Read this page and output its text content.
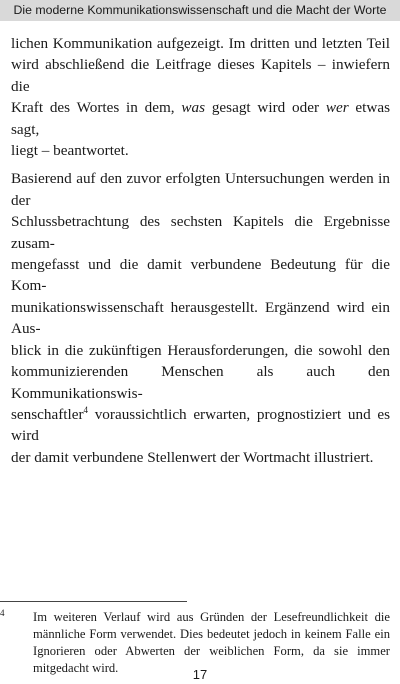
Die moderne Kommunikationswissenschaft und die Macht der Worte

lichen Kommunikation aufgezeigt. Im dritten und letzten Teil
wird abschließend die Leitfrage dieses Kapitels – inwiefern die
Kraft des Wortes in dem, was gesagt wird oder wer etwas sagt,
liegt – beantwortet.

Basierend auf den zuvor erfolgten Untersuchungen werden in der
Schlussbetrachtung des sechsten Kapitels die Ergebnisse zusam-
mengefasst und die damit verbundene Bedeutung für die Kom-
munikationswissenschaft herausgestellt. Ergänzend wird ein Aus-
blick in die zukünftigen Herausforderungen, die sowohl den
kommunizierenden Menschen als auch den Kommunikationswis-
senschaftler$^4$ voraussichtlich erwarten, prognostiziert und es wird
der damit verbundene Stellenwert der Wortmacht illustriert.

4 Im weiteren Verlauf wird aus Gründen der Lesefreundlichkeit die männliche Form verwendet. Dies bedeutet jedoch in keinem Falle ein Ignorieren oder Abwerten der weiblichen Form, da sie immer mitgedacht wird.	17
